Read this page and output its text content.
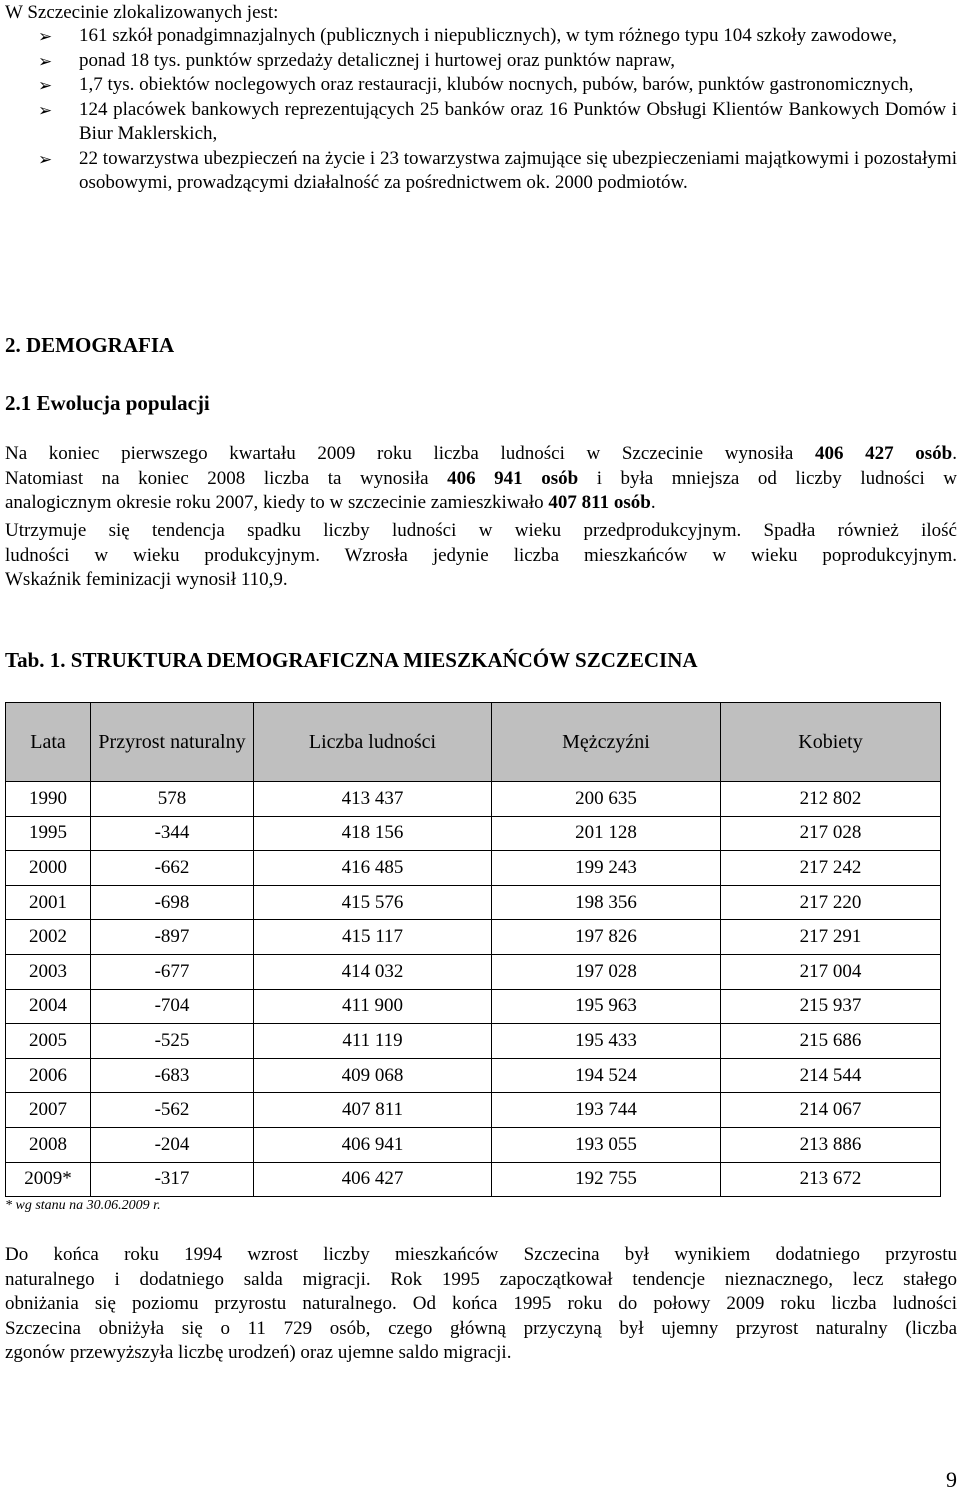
W Szczecinie zlokalizowanych jest:

➢ 161 szkół ponadgimnazjalnych (publicznych i niepublicznych), w tym różnego typu 104 szkoły zawodowe,
➢ ponad 18 tys. punktów sprzedaży detalicznej i hurtowej oraz punktów napraw,
➢ 1,7 tys. obiektów noclegowych oraz restauracji, klubów nocnych, pubów, barów, punktów gastronomicznych,
➢ 124 placówek bankowych reprezentujących 25 banków oraz 16 Punktów Obsługi Klientów Bankowych Domów i Biur Maklerskich,
➢ 22 towarzystwa ubezpieczeń na życie i 23 towarzystwa zajmujące się ubezpieczeniami majątkowymi i pozostałymi osobowymi, prowadzącymi działalność za pośrednictwem ok. 2000 podmiotów.
2. DEMOGRAFIA
2.1 Ewolucja populacji

Na koniec pierwszego kwartału 2009 roku liczba ludności w Szczecinie wynosiła 406 427 osób.

Natomiast na koniec 2008 liczba ta wynosiła 406 941 osób i była mniejsza od liczby ludności w

analogicznym okresie roku 2007, kiedy to w szczecinie zamieszkiwało 407 811 osób.

Utrzymuje się tendencja spadku liczby ludności w wieku przedprodukcyjnym. Spadła również ilość

ludności w wieku produkcyjnym. Wzrosła jedynie liczba mieszkańców w wieku poprodukcyjnym.

Wskaźnik feminizacji wynosił 110,9.

Tab. 1. STRUKTURA DEMOGRAFICZNA MIESZKAŃCÓW SZCZECINA
Lata	Przyrost naturalny	Liczba ludności	Mężczyźni	Kobiety
1990	578	413 437	200 635	212 802
1995	-344	418 156	201 128	217 028
2000	-662	416 485	199 243	217 242
2001	-698	415 576	198 356	217 220
2002	-897	415 117	197 826	217 291
2003	-677	414 032	197 028	217 004
2004	-704	411 900	195 963	215 937
2005	-525	411 119	195 433	215 686
2006	-683	409 068	194 524	214 544
2007	-562	407 811	193 744	214 067
2008	-204	406 941	193 055	213 886
2009*	-317	406 427	192 755	213 672
* wg stanu na 30.06.2009 r.

Do końca roku 1994 wzrost liczby mieszkańców Szczecina był wynikiem dodatniego przyrostu

naturalnego i dodatniego salda migracji. Rok 1995 zapoczątkował tendencje nieznacznego, lecz stałego

obniżania się poziomu przyrostu naturalnego. Od końca 1995 roku do połowy 2009 roku liczba ludności

Szczecina obniżyła się o 11 729 osób, czego główną przyczyną był ujemny przyrost naturalny (liczba

zgonów przewyższyła liczbę urodzeń) oraz ujemne saldo migracji.

9
